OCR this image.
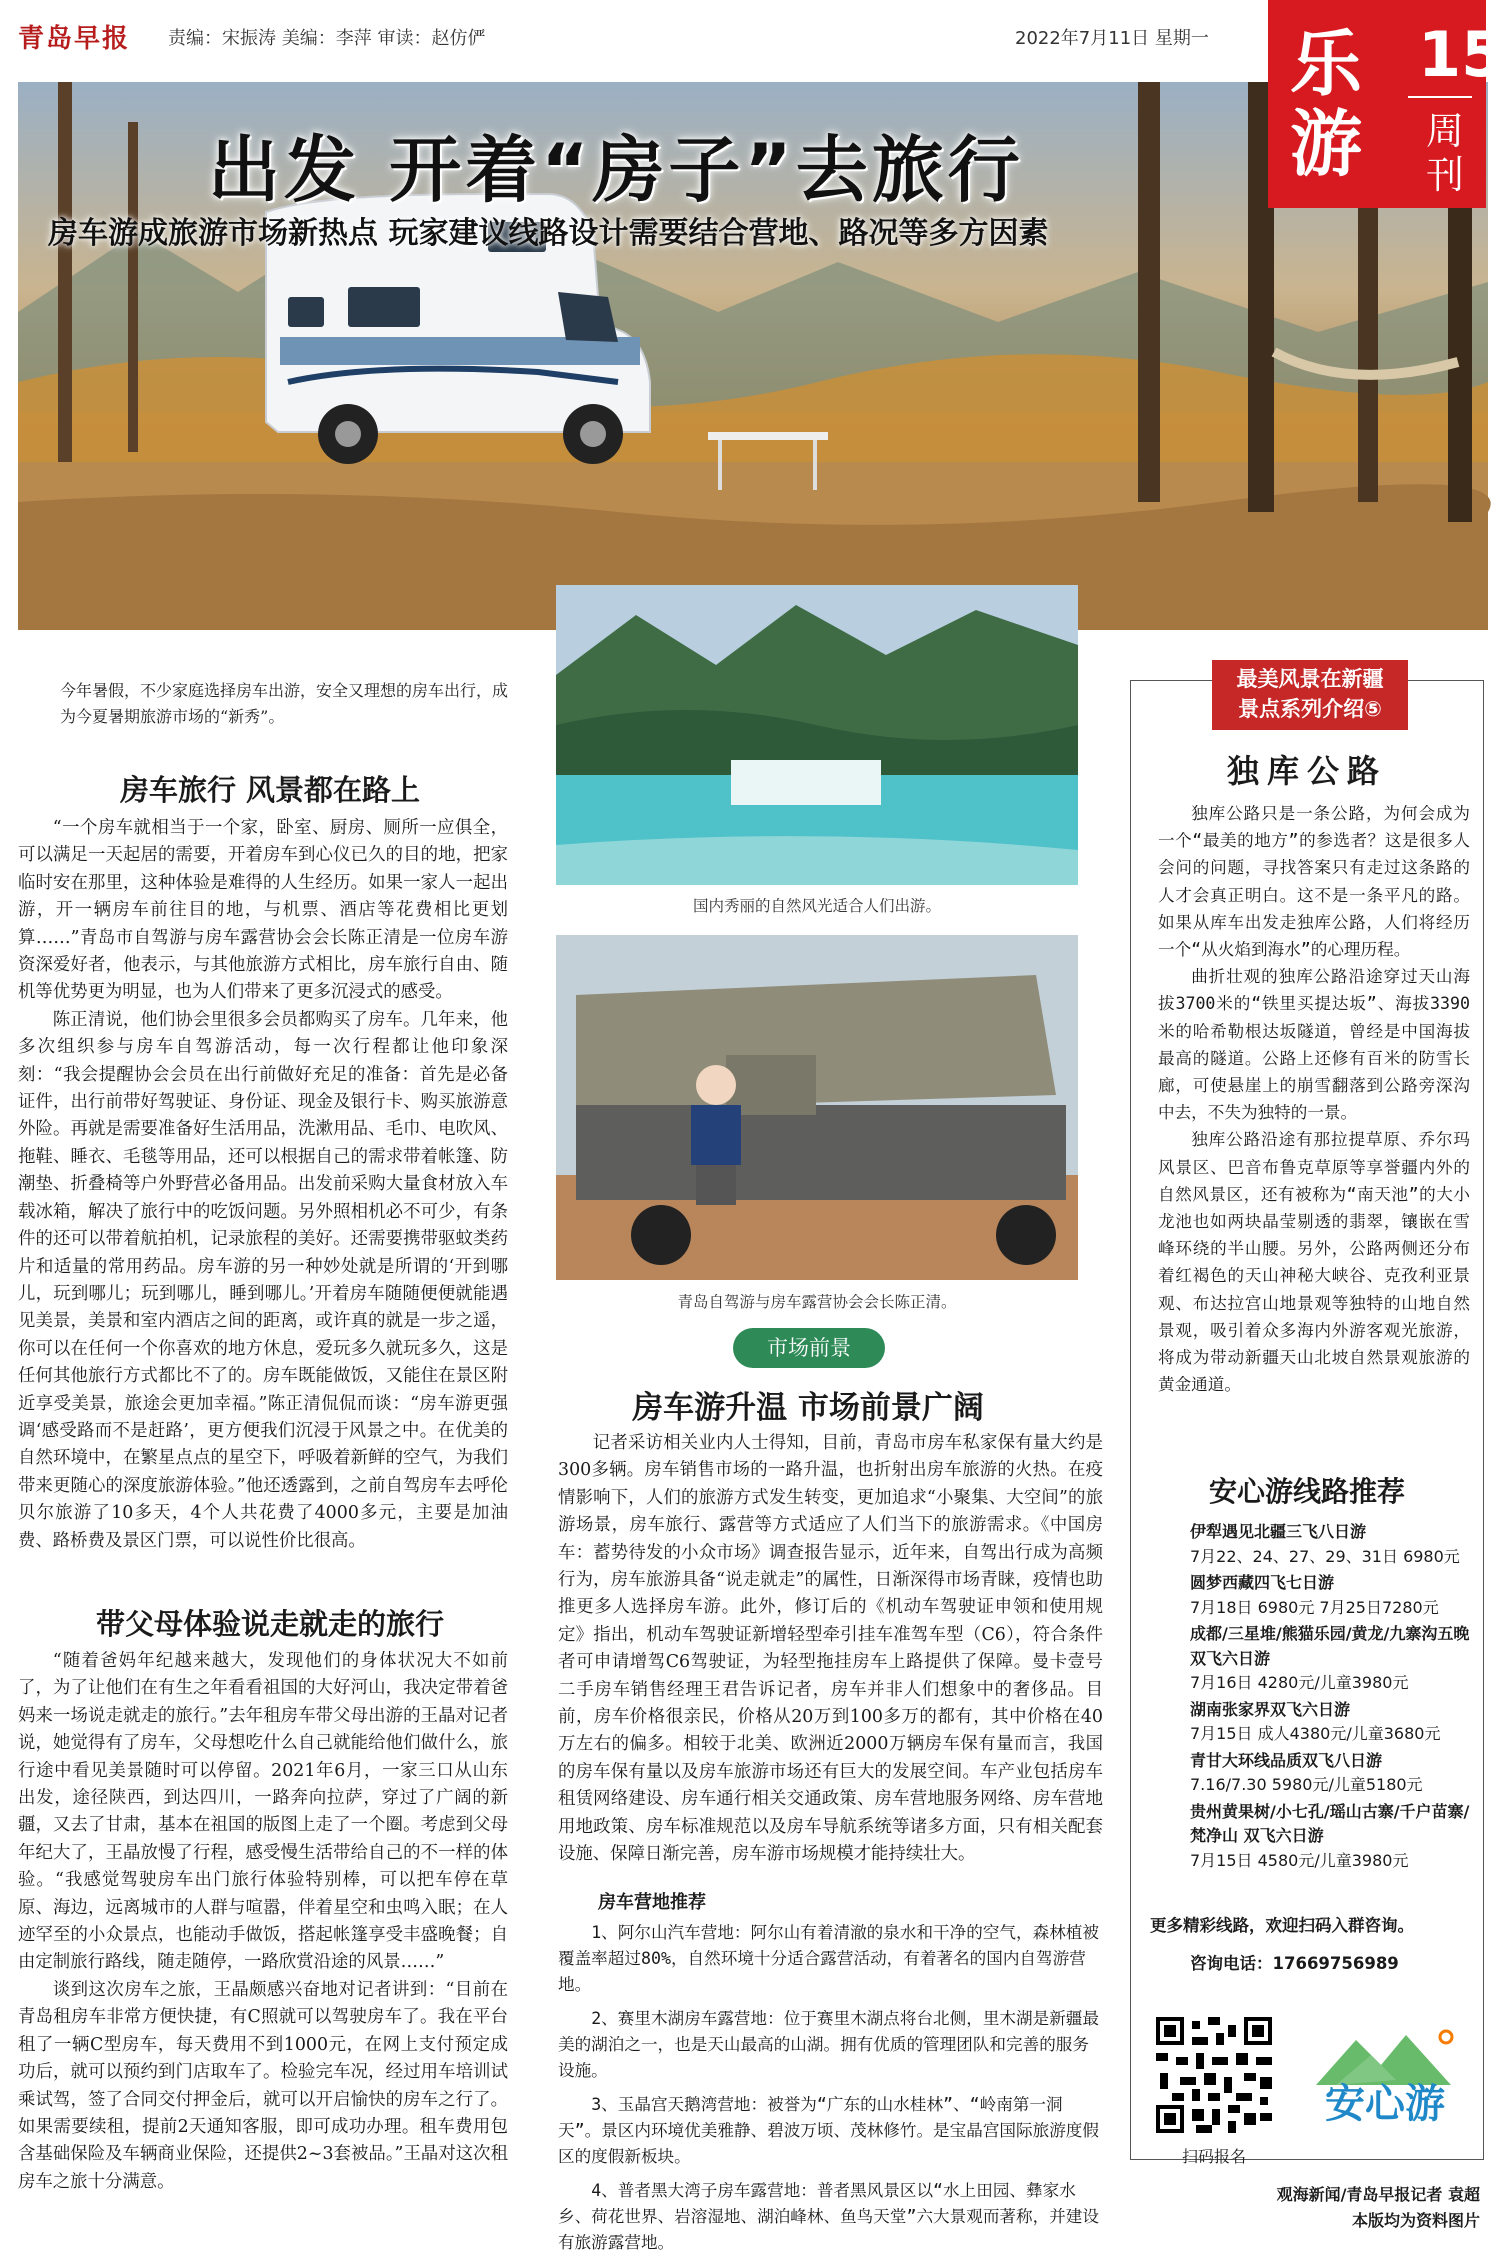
青岛早报 责编：宋振涛 美编：李萍 审读：赵仿俨	2022年7月11日 星期一
出发 开着“房子”去旅行
房车游成旅游市场新热点 玩家建议线路设计需要结合营地、路况等多方因素
乐
游
15
周刊
今年暑假，不少家庭选择房车出游，安全又理想的房车出行，成为今夏暑期旅游市场的“新秀”。
房车旅行 风景都在路上

“一个房车就相当于一个家，卧室、厨房、厕所一应俱全，可以满足一天起居的需要，开着房车到心仪已久的目的地，把家临时安在那里，这种体验是难得的人生经历。如果一家人一起出游，开一辆房车前往目的地，与机票、酒店等花费相比更划算……”青岛市自驾游与房车露营协会会长陈正清是一位房车游资深爱好者，他表示，与其他旅游方式相比，房车旅行自由、随机等优势更为明显，也为人们带来了更多沉浸式的感受。

陈正清说，他们协会里很多会员都购买了房车。几年来，他多次组织参与房车自驾游活动，每一次行程都让他印象深刻：“我会提醒协会会员在出行前做好充足的准备：首先是必备证件，出行前带好驾驶证、身份证、现金及银行卡、购买旅游意外险。再就是需要准备好生活用品，洗漱用品、毛巾、电吹风、拖鞋、睡衣、毛毯等用品，还可以根据自己的需求带着帐篷、防潮垫、折叠椅等户外野营必备用品。出发前采购大量食材放入车载冰箱，解决了旅行中的吃饭问题。另外照相机必不可少，有条件的还可以带着航拍机，记录旅程的美好。还需要携带驱蚊类药片和适量的常用药品。房车游的另一种妙处就是所谓的‘开到哪儿，玩到哪儿；玩到哪儿，睡到哪儿。’开着房车随随便便就能遇见美景，美景和室内酒店之间的距离，或许真的就是一步之遥，你可以在任何一个你喜欢的地方休息，爱玩多久就玩多久，这是任何其他旅行方式都比不了的。房车既能做饭，又能住在景区附近享受美景，旅途会更加幸福。”陈正清侃侃而谈：“房车游更强调‘感受路而不是赶路’，更方便我们沉浸于风景之中。在优美的自然环境中，在繁星点点的星空下，呼吸着新鲜的空气，为我们带来更随心的深度旅游体验。”他还透露到，之前自驾房车去呼伦贝尔旅游了10多天，4个人共花费了4000多元，主要是加油费、路桥费及景区门票，可以说性价比很高。

带父母体验说走就走的旅行

“随着爸妈年纪越来越大，发现他们的身体状况大不如前了，为了让他们在有生之年看看祖国的大好河山，我决定带着爸妈来一场说走就走的旅行。”去年租房车带父母出游的王晶对记者说，她觉得有了房车，父母想吃什么自己就能给他们做什么，旅行途中看见美景随时可以停留。2021年6月，一家三口从山东出发，途径陕西，到达四川，一路奔向拉萨，穿过了广阔的新疆，又去了甘肃，基本在祖国的版图上走了一个圈。考虑到父母年纪大了，王晶放慢了行程，感受慢生活带给自己的不一样的体验。“我感觉驾驶房车出门旅行体验特别棒，可以把车停在草原、海边，远离城市的人群与喧嚣，伴着星空和虫鸣入眠；在人迹罕至的小众景点，也能动手做饭，搭起帐篷享受丰盛晚餐；自由定制旅行路线，随走随停，一路欣赏沿途的风景……”

谈到这次房车之旅，王晶颇感兴奋地对记者讲到：“目前在青岛租房车非常方便快捷，有C照就可以驾驶房车了。我在平台租了一辆C型房车，每天费用不到1000元，在网上支付预定成功后，就可以预约到门店取车了。检验完车况，经过用车培训试乘试驾，签了合同交付押金后，就可以开启愉快的房车之行了。如果需要续租，提前2天通知客服，即可成功办理。租车费用包含基础保险及车辆商业保险，还提供2~3套被品。”王晶对这次租房车之旅十分满意。

国内秀丽的自然风光适合人们出游。
青岛自驾游与房车露营协会会长陈正清。
市场前景
房车游升温 市场前景广阔

记者采访相关业内人士得知，目前，青岛市房车私家保有量大约是300多辆。房车销售市场的一路升温，也折射出房车旅游的火热。在疫情影响下，人们的旅游方式发生转变，更加追求“小聚集、大空间”的旅游场景，房车旅行、露营等方式适应了人们当下的旅游需求。《中国房车：蓄势待发的小众市场》调查报告显示，近年来，自驾出行成为高频行为，房车旅游具备“说走就走”的属性，日渐深得市场青睐，疫情也助推更多人选择房车游。此外，修订后的《机动车驾驶证申领和使用规定》指出，机动车驾驶证新增轻型牵引挂车准驾车型（C6），符合条件者可申请增驾C6驾驶证，为轻型拖挂房车上路提供了保障。曼卡壹号二手房车销售经理王君告诉记者，房车并非人们想象中的奢侈品。目前，房车价格很亲民，价格从20万到100多万的都有，其中价格在40万左右的偏多。相较于北美、欧洲近2000万辆房车保有量而言，我国的房车保有量以及房车旅游市场还有巨大的发展空间。车产业包括房车租赁网络建设、房车通行相关交通政策、房车营地服务网络、房车营地用地政策、房车标准规范以及房车导航系统等诸多方面，只有相关配套设施、保障日渐完善，房车游市场规模才能持续壮大。

房车营地推荐

1、阿尔山汽车营地：阿尔山有着清澈的泉水和干净的空气，森林植被覆盖率超过80%，自然环境十分适合露营活动，有着著名的国内自驾游营地。

2、赛里木湖房车露营地：位于赛里木湖点将台北侧，里木湖是新疆最美的湖泊之一，也是天山最高的山湖。拥有优质的管理团队和完善的服务设施。

3、玉晶宫天鹅湾营地：被誉为“广东的山水桂林”、“岭南第一洞天”。景区内环境优美雅静、碧波万顷、茂林修竹。是宝晶宫国际旅游度假区的度假新板块。

4、普者黑大湾子房车露营地：普者黑风景区以“水上田园、彝家水乡、荷花世界、岩溶湿地、湖泊峰林、鱼鸟天堂”六大景观而著称，并建设有旅游露营地。

最美风景在新疆
景点系列介绍⑤
独库公路

独库公路只是一条公路，为何会成为一个“最美的地方”的参选者？这是很多人会问的问题，寻找答案只有走过这条路的人才会真正明白。这不是一条平凡的路。如果从库车出发走独库公路，人们将经历一个“从火焰到海水”的心理历程。

曲折壮观的独库公路沿途穿过天山海拔3700米的“铁里买提达坂”、海拔3390米的哈希勒根达坂隧道，曾经是中国海拔最高的隧道。公路上还修有百米的防雪长廊，可使悬崖上的崩雪翻落到公路旁深沟中去，不失为独特的一景。

独库公路沿途有那拉提草原、乔尔玛风景区、巴音布鲁克草原等享誉疆内外的自然风景区，还有被称为“南天池”的大小龙池也如两块晶莹剔透的翡翠，镶嵌在雪峰环绕的半山腰。另外，公路两侧还分布着红褐色的天山神秘大峡谷、克孜利亚景观、布达拉宫山地景观等独特的山地自然景观，吸引着众多海内外游客观光旅游，将成为带动新疆天山北坡自然景观旅游的黄金通道。

安心游线路推荐
伊犁遇见北疆三飞八日游
7月22、24、27、29、31日 6980元
圆梦西藏四飞七日游
7月18日 6980元 7月25日7280元
成都/三星堆/熊猫乐园/黄龙/九寨沟五晚双飞六日游
7月16日 4280元/儿童3980元
湖南张家界双飞六日游
7月15日 成人4380元/儿童3680元
青甘大环线品质双飞八日游
7.16/7.30 5980元/儿童5180元
贵州黄果树/小七孔/瑶山古寨/千户苗寨/梵净山 双飞六日游
7月15日 4580元/儿童3980元
更多精彩线路，欢迎扫码入群咨询。
咨询电话：17669756989
扫码报名
安心游
观海新闻/青岛早报记者 袁超
本版均为资料图片
